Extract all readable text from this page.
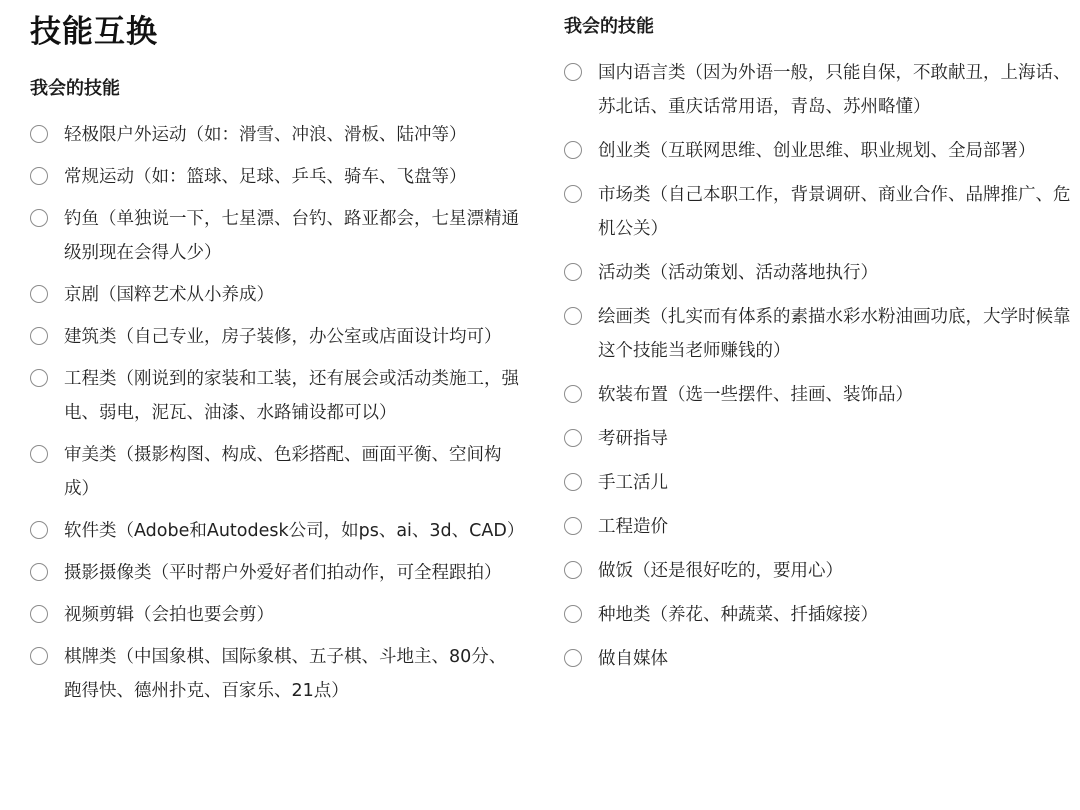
技能互换
我会的技能
轻极限户外运动（如：滑雪、冲浪、滑板、陆冲等）
常规运动（如：篮球、足球、乒乓、骑车、飞盘等）
钓鱼（单独说一下，七星漂、台钓、路亚都会，七星漂精通级别现在会得人少）
京剧（国粹艺术从小养成）
建筑类（自己专业，房子装修，办公室或店面设计均可）
工程类（刚说到的家装和工装，还有展会或活动类施工，强电、弱电，泥瓦、油漆、水路铺设都可以）
审美类（摄影构图、构成、色彩搭配、画面平衡、空间构成）
软件类（Adobe和Autodesk公司，如ps、ai、3d、CAD）
摄影摄像类（平时帮户外爱好者们拍动作，可全程跟拍）
视频剪辑（会拍也要会剪）
棋牌类（中国象棋、国际象棋、五子棋、斗地主、80分、跑得快、德州扑克、百家乐、21点）
我会的技能
国内语言类（因为外语一般，只能自保，不敢献丑，上海话、苏北话、重庆话常用语，青岛、苏州略懂）
创业类（互联网思维、创业思维、职业规划、全局部署）
市场类（自己本职工作，背景调研、商业合作、品牌推广、危机公关）
活动类（活动策划、活动落地执行）
绘画类（扎实而有体系的素描水彩水粉油画功底，大学时候靠这个技能当老师赚钱的）
软装布置（选一些摆件、挂画、装饰品）
考研指导
手工活儿
工程造价
做饭（还是很好吃的，要用心）
种地类（养花、种蔬菜、扦插嫁接）
做自媒体
